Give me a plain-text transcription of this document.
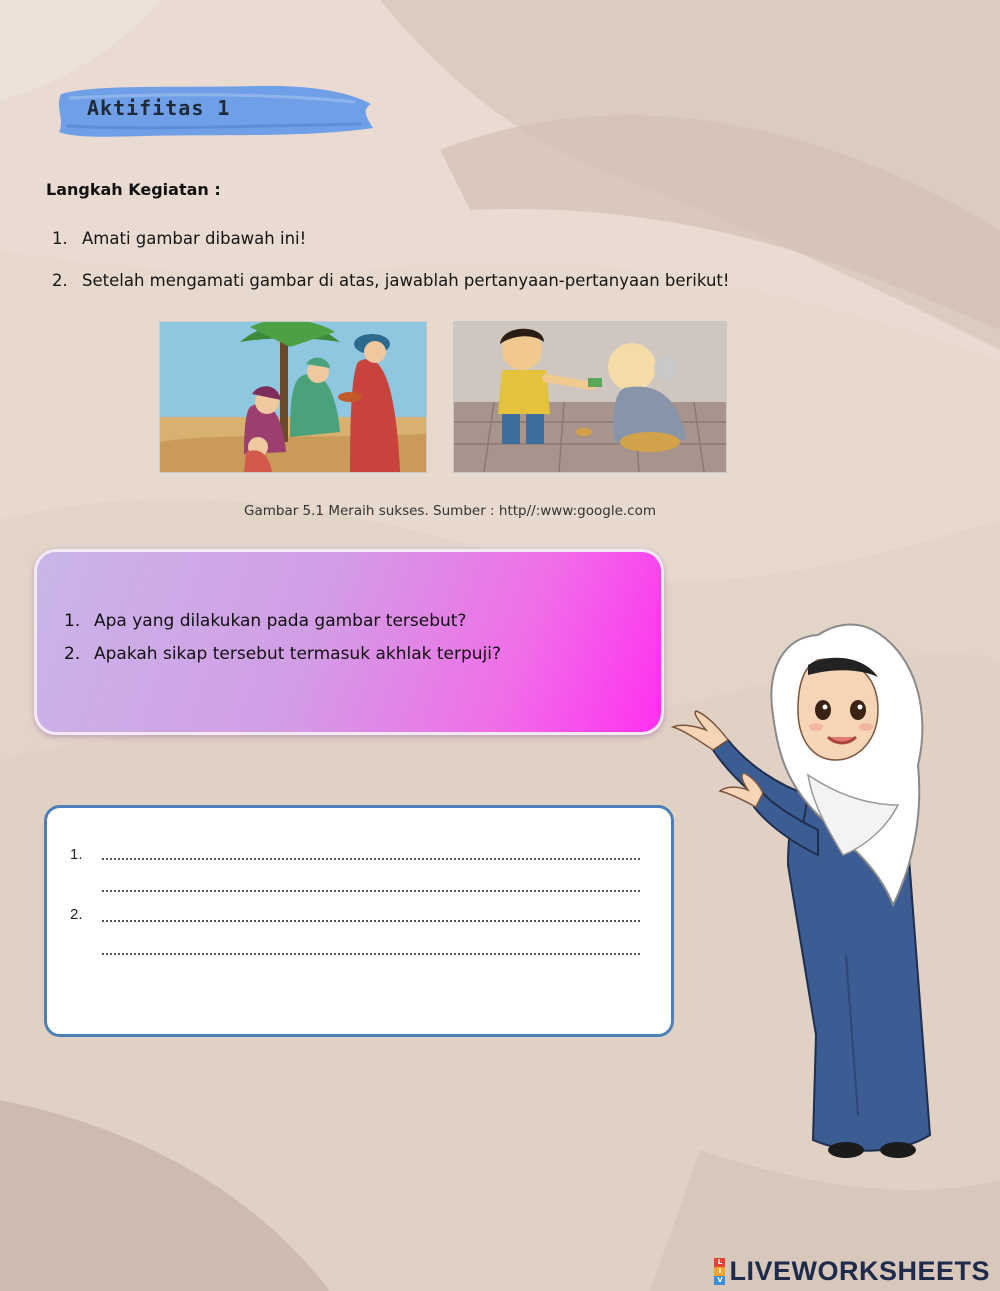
Aktifitas 1
Langkah Kegiatan :
1. Amati gambar dibawah ini!
2. Setelah mengamati gambar di atas, jawablah pertanyaan-pertanyaan berikut!
Gambar 5.1 Meraih sukses. Sumber : http//:www:google.com
1. Apa yang dilakukan pada gambar tersebut?
2. Apakah sikap tersebut termasuk akhlak terpuji?
1.
2.
L
I
V LIVEWORKSHEETS
